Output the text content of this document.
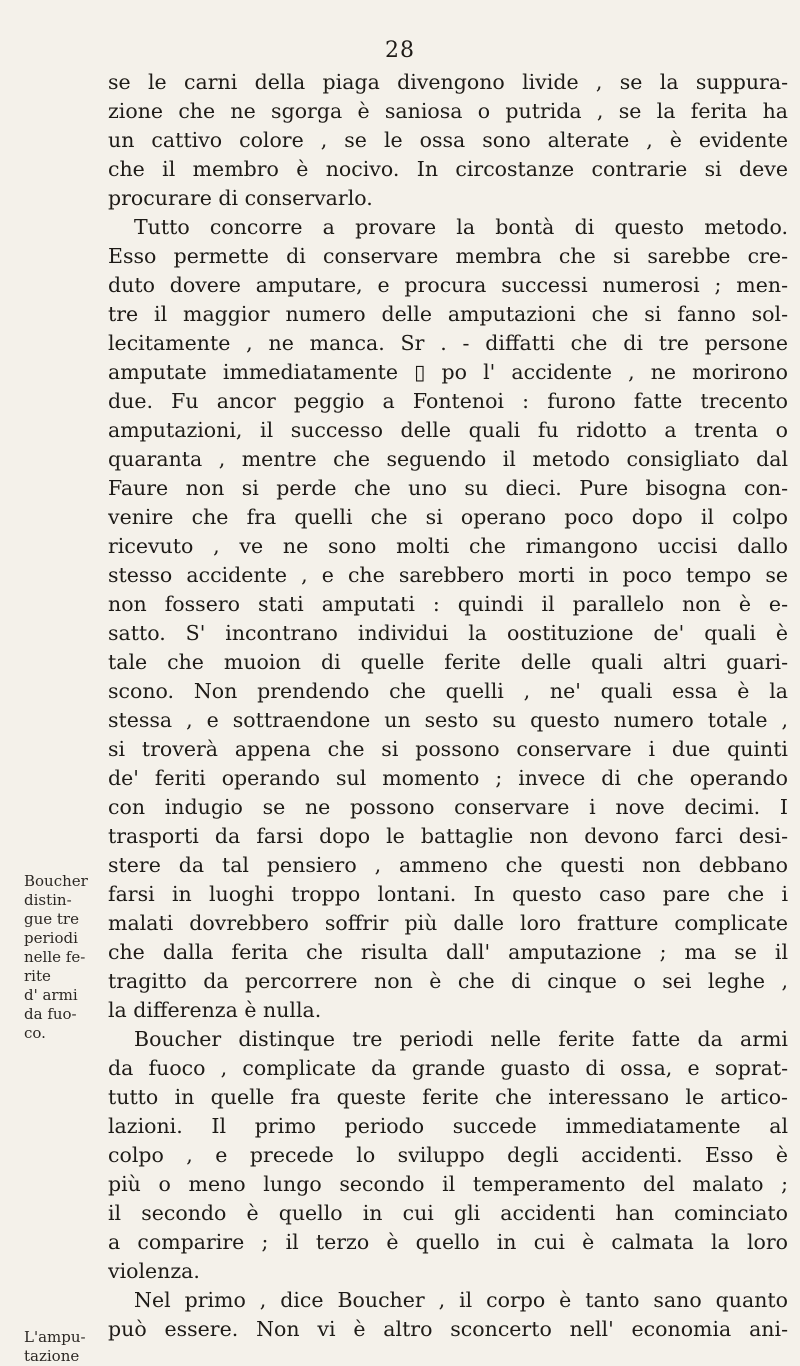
28
se le carni della piaga divengono livide , se la suppura-
zione che ne sgorga è saniosa o putrida , se la ferita ha
un cattivo colore , se le ossa sono alterate , è evidente
che il membro è nocivo. In circostanze contrarie si deve
procurare di conservarlo.
Tutto concorre a provare la bontà di questo metodo.
Esso permette di conservare membra che si sarebbe cre-
duto dovere amputare, e procura successi numerosi ; men-
tre il maggior numero delle amputazioni che si fanno sol-
lecitamente , ne manca. Sr . - diffatti che di tre persone
amputate immediatamente ▯ po l' accidente , ne morirono
due. Fu ancor peggio a Fontenoi : furono fatte trecento
amputazioni, il successo delle quali fu ridotto a trenta o
quaranta , mentre che seguendo il metodo consigliato dal
Faure non si perde che uno su dieci. Pure bisogna con-
venire che fra quelli che si operano poco dopo il colpo
ricevuto , ve ne sono molti che rimangono uccisi dallo
stesso accidente , e che sarebbero morti in poco tempo se
non fossero stati amputati : quindi il parallelo non è e-
satto. S' incontrano individui la oostituzione de' quali è
tale che muoion di quelle ferite delle quali altri guari-
scono. Non prendendo che quelli , ne' quali essa è la
stessa , e sottraendone un sesto su questo numero totale ,
si troverà appena che si possono conservare i due quinti
de' feriti operando sul momento ; invece di che operando
con indugio se ne possono conservare i nove decimi. I
trasporti da farsi dopo le battaglie non devono farci desi-
stere da tal pensiero , ammeno che questi non debbano
farsi in luoghi troppo lontani. In questo caso pare che i
malati dovrebbero soffrir più dalle loro fratture complicate
che dalla ferita che risulta dall' amputazione ; ma se il
tragitto da percorrere non è che di cinque o sei leghe ,
la differenza è nulla.
Boucher distinque tre periodi nelle ferite fatte da armi
da fuoco , complicate da grande guasto di ossa, e soprat-
tutto in quelle fra queste ferite che interessano le artico-
lazioni. Il primo periodo succede immediatamente al
colpo , e precede lo sviluppo degli accidenti. Esso è
più o meno lungo secondo il temperamento del malato ;
il secondo è quello in cui gli accidenti han cominciato
a comparire ; il terzo è quello in cui è calmata la loro
violenza.
Nel primo , dice Boucher , il corpo è tanto sano quanto
può essere. Non vi è altro sconcerto nell' economia ani-
Boucher
distin-
gue tre
periodi
nelle fe-
rite
d' armi
da fuo-
co.
L'ampu-
tazione
